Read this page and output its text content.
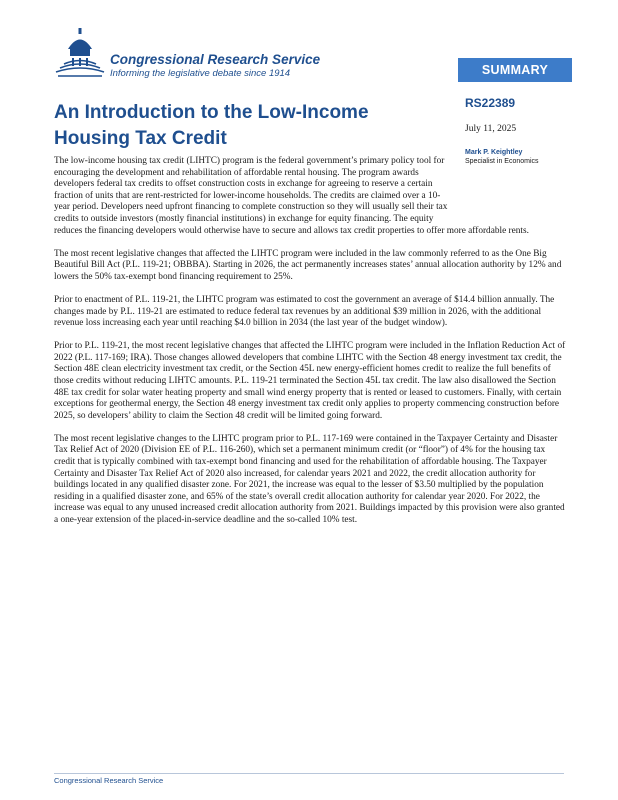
Congressional Research Service
Informing the legislative debate since 1914	SUMMARY
RS22389
July 11, 2025
Mark P. Keightley
Specialist in Economics
An Introduction to the Low-Income Housing Tax Credit

The low-income housing tax credit (LIHTC) program is the federal government’s primary policy tool for encouraging the development and rehabilitation of affordable rental housing. The program awards developers federal tax credits to offset construction costs in exchange for agreeing to reserve a certain fraction of units that are rent-restricted for lower-income households. The credits are claimed over a 10-year period. Developers need upfront financing to complete construction so they will usually sell their tax credits to outside investors (mostly financial institutions) in exchange for equity financing. The equity
reduces the financing developers would otherwise have to secure and allows tax credit properties to offer more affordable rents.

The most recent legislative changes that affected the LIHTC program were included in the law commonly referred to as the One Big Beautiful Bill Act (P.L. 119-21; OBBBA). Starting in 2026, the act permanently increases states’ annual allocation authority by 12% and lowers the 50% tax-exempt bond financing requirement to 25%.

Prior to enactment of P.L. 119-21, the LIHTC program was estimated to cost the government an average of $14.4 billion annually. The changes made by P.L. 119-21 are estimated to reduce federal tax revenues by an additional $39 million in 2026, with the additional revenue loss increasing each year until reaching $4.0 billion in 2034 (the last year of the budget window).

Prior to P.L. 119-21, the most recent legislative changes that affected the LIHTC program were included in the Inflation Reduction Act of 2022 (P.L. 117-169; IRA). Those changes allowed developers that combine LIHTC with the Section 48 energy investment tax credit, the Section 48E clean electricity investment tax credit, or the Section 45L new energy-efficient homes credit to realize the full benefits of those credits without reducing LIHTC amounts. P.L. 119-21 terminated the Section 45L tax credit. The law also disallowed the Section 48E tax credit for solar water heating property and small wind energy property that is rented or leased to customers. Finally, with certain exceptions for geothermal energy, the Section 48 energy investment tax credit only applies to property commencing construction before 2025, so developers’ ability to claim the Section 48 credit will be limited going forward.

The most recent legislative changes to the LIHTC program prior to P.L. 117-169 were contained in the Taxpayer Certainty and Disaster Tax Relief Act of 2020 (Division EE of P.L. 116-260), which set a permanent minimum credit (or “floor”) of 4% for the housing tax credit that is typically combined with tax-exempt bond financing and used for the rehabilitation of affordable housing. The Taxpayer Certainty and Disaster Tax Relief Act of 2020 also increased, for calendar years 2021 and 2022, the credit allocation authority for buildings located in any qualified disaster zone. For 2021, the increase was equal to the lesser of $3.50 multiplied by the population residing in a qualified disaster zone, and 65% of the state’s overall credit allocation authority for calendar year 2020. For 2022, the increase was equal to any unused increased credit allocation authority from 2021. Buildings impacted by this provision were also granted a one-year extension of the placed-in-service deadline and the so-called 10% test.

Congressional Research Service
